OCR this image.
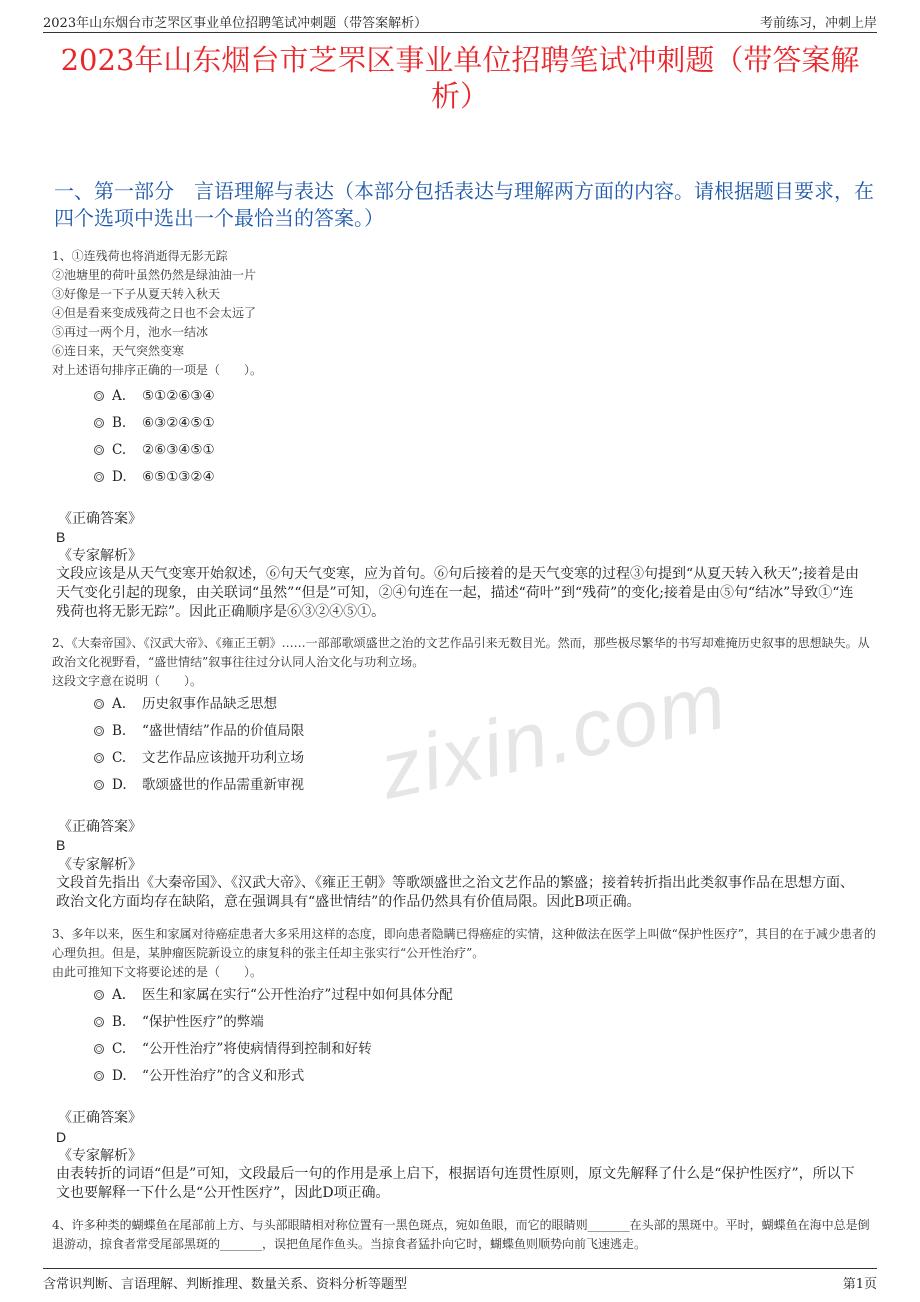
2023年山东烟台市芝罘区事业单位招聘笔试冲刺题（带答案解析）	考前练习，冲刺上岸
2023年山东烟台市芝罘区事业单位招聘笔试冲刺题（带答案解析）
一、第一部分　言语理解与表达（本部分包括表达与理解两方面的内容。请根据题目要求，在四个选项中选出一个最恰当的答案。）
zixin.com
1、①连残荷也将消逝得无影无踪
②池塘里的荷叶虽然仍然是绿油油一片
③好像是一下子从夏天转入秋天
④但是看来变成残荷之日也不会太远了
⑤再过一两个月，池水一结冰
⑥连日来，天气突然变寒
对上述语句排序正确的一项是（　　）。
A.	⑤①②⑥③④
B.	⑥③②④⑤①
C.	②⑥③④⑤①
D.	⑥⑤①③②④
《正确答案》
B
《专家解析》
文段应该是从天气变寒开始叙述，⑥句天气变寒，应为首句。⑥句后接着的是天气变寒的过程③句提到“从夏天转入秋天”;接着是由天气变化引起的现象，由关联词“虽然”“但是”可知，②④句连在一起，描述“荷叶”到“残荷”的变化;接着是由⑤句“结冰”导致①“连残荷也将无影无踪”。因此正确顺序是⑥③②④⑤①。
2、《大秦帝国》、《汉武大帝》、《雍正王朝》……一部部歌颂盛世之治的文艺作品引来无数目光。然而，那些极尽繁华的书写却难掩历史叙事的思想缺失。从政治文化视野看，“盛世情结”叙事往往过分认同人治文化与功利立场。
这段文字意在说明（　　）。
A.	历史叙事作品缺乏思想
B.	“盛世情结”作品的价值局限
C.	文艺作品应该抛开功利立场
D.	歌颂盛世的作品需重新审视
《正确答案》
B
《专家解析》
文段首先指出《大秦帝国》、《汉武大帝》、《雍正王朝》等歌颂盛世之治文艺作品的繁盛；接着转折指出此类叙事作品在思想方面、政治文化方面均存在缺陷，意在强调具有“盛世情结”的作品仍然具有价值局限。因此B项正确。
3、多年以来，医生和家属对待癌症患者大多采用这样的态度，即向患者隐瞒已得癌症的实情，这种做法在医学上叫做“保护性医疗”，其目的在于减少患者的心理负担。但是，某肿瘤医院新设立的康复科的张主任却主张实行“公开性治疗”。
由此可推知下文将要论述的是（　　）。
A.	医生和家属在实行“公开性治疗”过程中如何具体分配
B.	“保护性医疗”的弊端
C.	“公开性治疗”将使病情得到控制和好转
D.	“公开性治疗”的含义和形式
《正确答案》
D
《专家解析》
由表转折的词语“但是”可知，文段最后一句的作用是承上启下，根据语句连贯性原则，原文先解释了什么是“保护性医疗”，所以下文也要解释一下什么是“公开性医疗”，因此D项正确。
4、许多种类的蝴蝶鱼在尾部前上方、与头部眼睛相对称位置有一黑色斑点，宛如鱼眼，而它的眼睛则_______在头部的黑斑中。平时，蝴蝶鱼在海中总是倒退游动，掠食者常受尾部黑斑的_______，误把鱼尾作鱼头。当掠食者猛扑向它时，蝴蝶鱼则顺势向前飞速逃走。
含常识判断、言语理解、判断推理、数量关系、资料分析等题型	第1页
